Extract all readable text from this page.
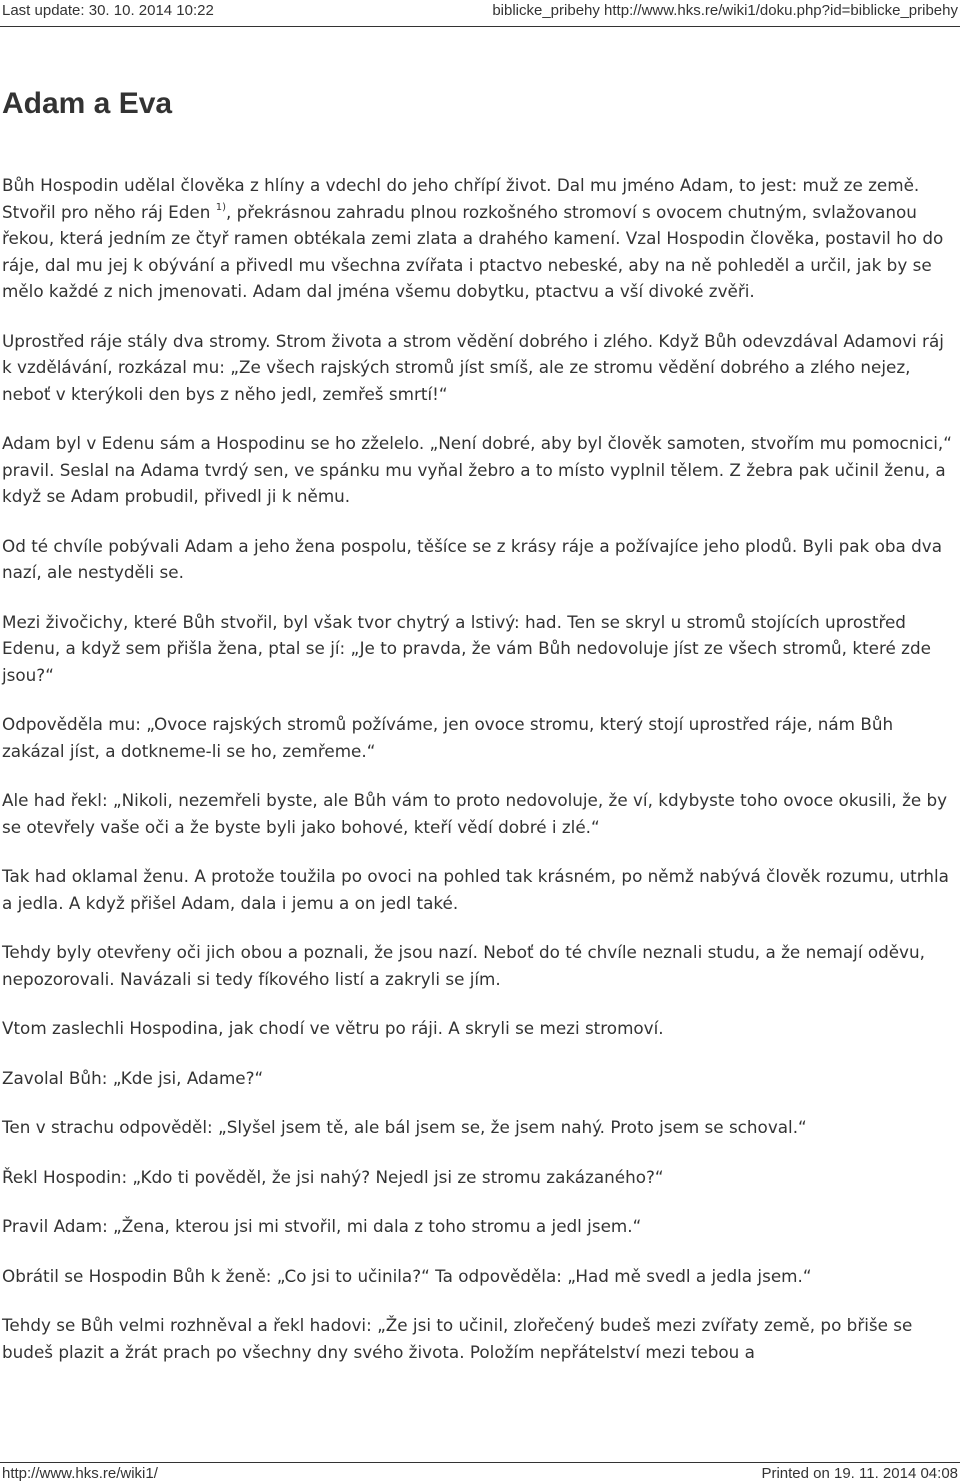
Last update: 30. 10. 2014 10:22	biblicke_pribehy http://www.hks.re/wiki1/doku.php?id=biblicke_pribehy
Adam a Eva

Bůh Hospodin udělal člověka z hlíny a vdechl do jeho chřípí život. Dal mu jméno Adam, to jest: muž ze země. Stvořil pro něho ráj Eden $^{1)}$, překrásnou zahradu plnou rozkošného stromoví s ovocem chutným, svlažovanou řekou, která jedním ze čtyř ramen obtékala zemi zlata a drahého kamení. Vzal Hospodin člověka, postavil ho do ráje, dal mu jej k obývání a přivedl mu všechna zvířata i ptactvo nebeské, aby na ně pohleděl a určil, jak by se mělo každé z nich jmenovati. Adam dal jména všemu dobytku, ptactvu a vší divoké zvěři.

Uprostřed ráje stály dva stromy. Strom života a strom vědění dobrého i zlého. Když Bůh odevzdával Adamovi ráj k vzdělávání, rozkázal mu: „Ze všech rajských stromů jíst smíš, ale ze stromu vědění dobrého a zlého nejez, neboť v kterýkoli den bys z něho jedl, zemřeš smrtí!“

Adam byl v Edenu sám a Hospodinu se ho zželelo. „Není dobré, aby byl člověk samoten, stvořím mu pomocnici,“ pravil. Seslal na Adama tvrdý sen, ve spánku mu vyňal žebro a to místo vyplnil tělem. Z žebra pak učinil ženu, a když se Adam probudil, přivedl ji k němu.

Od té chvíle pobývali Adam a jeho žena pospolu, těšíce se z krásy ráje a požívajíce jeho plodů. Byli pak oba dva nazí, ale nestyděli se.

Mezi živočichy, které Bůh stvořil, byl však tvor chytrý a lstivý: had. Ten se skryl u stromů stojících uprostřed Edenu, a když sem přišla žena, ptal se jí: „Je to pravda, že vám Bůh nedovoluje jíst ze všech stromů, které zde jsou?“

Odpověděla mu: „Ovoce rajských stromů požíváme, jen ovoce stromu, který stojí uprostřed ráje, nám Bůh zakázal jíst, a dotkneme-li se ho, zemřeme.“

Ale had řekl: „Nikoli, nezemřeli byste, ale Bůh vám to proto nedovoluje, že ví, kdybyste toho ovoce okusili, že by se otevřely vaše oči a že byste byli jako bohové, kteří vědí dobré i zlé.“

Tak had oklamal ženu. A protože toužila po ovoci na pohled tak krásném, po němž nabývá člověk rozumu, utrhla a jedla. A když přišel Adam, dala i jemu a on jedl také.

Tehdy byly otevřeny oči jich obou a poznali, že jsou nazí. Neboť do té chvíle neznali studu, a že nemají oděvu, nepozorovali. Navázali si tedy fíkového listí a zakryli se jím.

Vtom zaslechli Hospodina, jak chodí ve větru po ráji. A skryli se mezi stromoví.

Zavolal Bůh: „Kde jsi, Adame?“

Ten v strachu odpověděl: „Slyšel jsem tě, ale bál jsem se, že jsem nahý. Proto jsem se schoval.“

Řekl Hospodin: „Kdo ti pověděl, že jsi nahý? Nejedl jsi ze stromu zakázaného?“

Pravil Adam: „Žena, kterou jsi mi stvořil, mi dala z toho stromu a jedl jsem.“

Obrátil se Hospodin Bůh k ženě: „Co jsi to učinila?“ Ta odpověděla: „Had mě svedl a jedla jsem.“

Tehdy se Bůh velmi rozhněval a řekl hadovi: „Že jsi to učinil, zlořečený budeš mezi zvířaty země, po břiše se budeš plazit a žrát prach po všechny dny svého života. Položím nepřátelství mezi tebou a

http://www.hks.re/wiki1/	Printed on 19. 11. 2014 04:08
